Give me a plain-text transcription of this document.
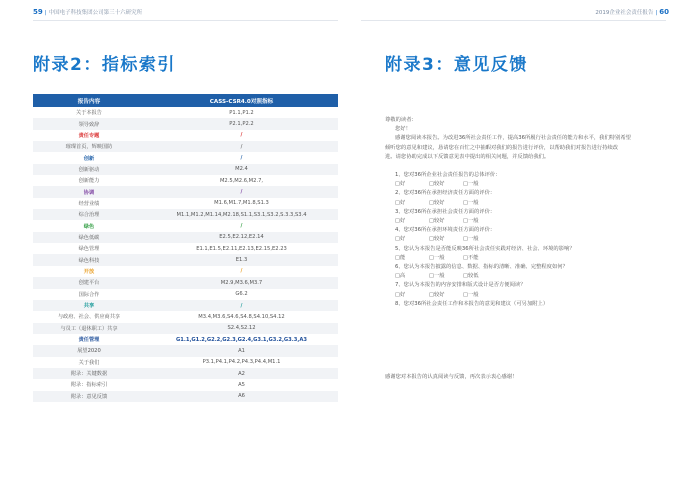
59 | 中国电子科技集团公司第三十六研究所	2019企业社会责任报告 | 60
附录2：指标索引	附录3：意见反馈
报告内容	CASS-CSR4.0对照指标
关于本报告	P1.1,P1.2
领导致辞	P2.1,P2.2
责任专题	/
璀璨首页，辉映国防	/
创新	/
创新驱动	M2.4
创新能力	M2.5,M2.6,M2.7,
协调	/
经营业绩	M1.6,M1.7,M1.8,S1.3
综合治理	M1.1,M1.2,M1.14,M2.18,S1.1,S3.1,S3.2,S.3.3,S3.4
绿色	/
绿色低碳	E2.5,E2.12,E2.14
绿色管理	E1.1,E1.5,E2.11,E2.13,E2.15,E2.23
绿色科技	E1.3
开放	/
创建平台	M2.9,M3.6,M3.7
国际合作	G6.2
共享	/
与政府、社会、供应商共享	M3.4,M3.6,S4.6,S4.8,S4.10,S4.12
与员工（退休职工）共享	S2.4,S2.12
责任管理	G1.1,G1.2,G2.2,G2.3,G2.4,G3.1,G3.2,G3.3,A3
展望2020	A1
关于我们	P3.1,P4.1,P4.2,P4.3,P4.4,M1.1
附录：关键数据	A2
附录：指标索引	A5
附录：意见反馈	A6

尊敬的读者：

您好！

感谢您阅读本报告。为改进36所社会责任工作，提高36所履行社会责任的能力和水平，我们特别希望

倾听您的意见和建议，恳请您在百忙之中抽暇对我们的报告进行评价，以帮助我们对报告进行持续改

进。请您协助完成以下反馈意见表中提出的相关问题，并反馈给我们。

1、您对36所企业社会责任报告的总体评价：

□好	□较好	□一般

2、您对36所在承担经济责任方面的评价：

□好	□较好	□一般

3、您对36所在承担社会责任方面的评价：

□好	□较好	□一般

4、您对36所在承担环境责任方面的评价：

□好	□较好	□一般

5、您认为本报告是否能反映36所社会责任实践对经济、社会、环境的影响？

□能	□一般	□不能

6、您认为本报告披露的信息、数据、指标的清晰、准确、完整程度如何？

□高	□一般	□较低

7、您认为本报告的内容安排和版式设计是否方便阅读？

□好	□较好	□一般

8、您对36所社会责任工作和本报告的意见和建议（可另加附上）

感谢您对本报告的认真阅读与反馈，再次表示衷心感谢！
